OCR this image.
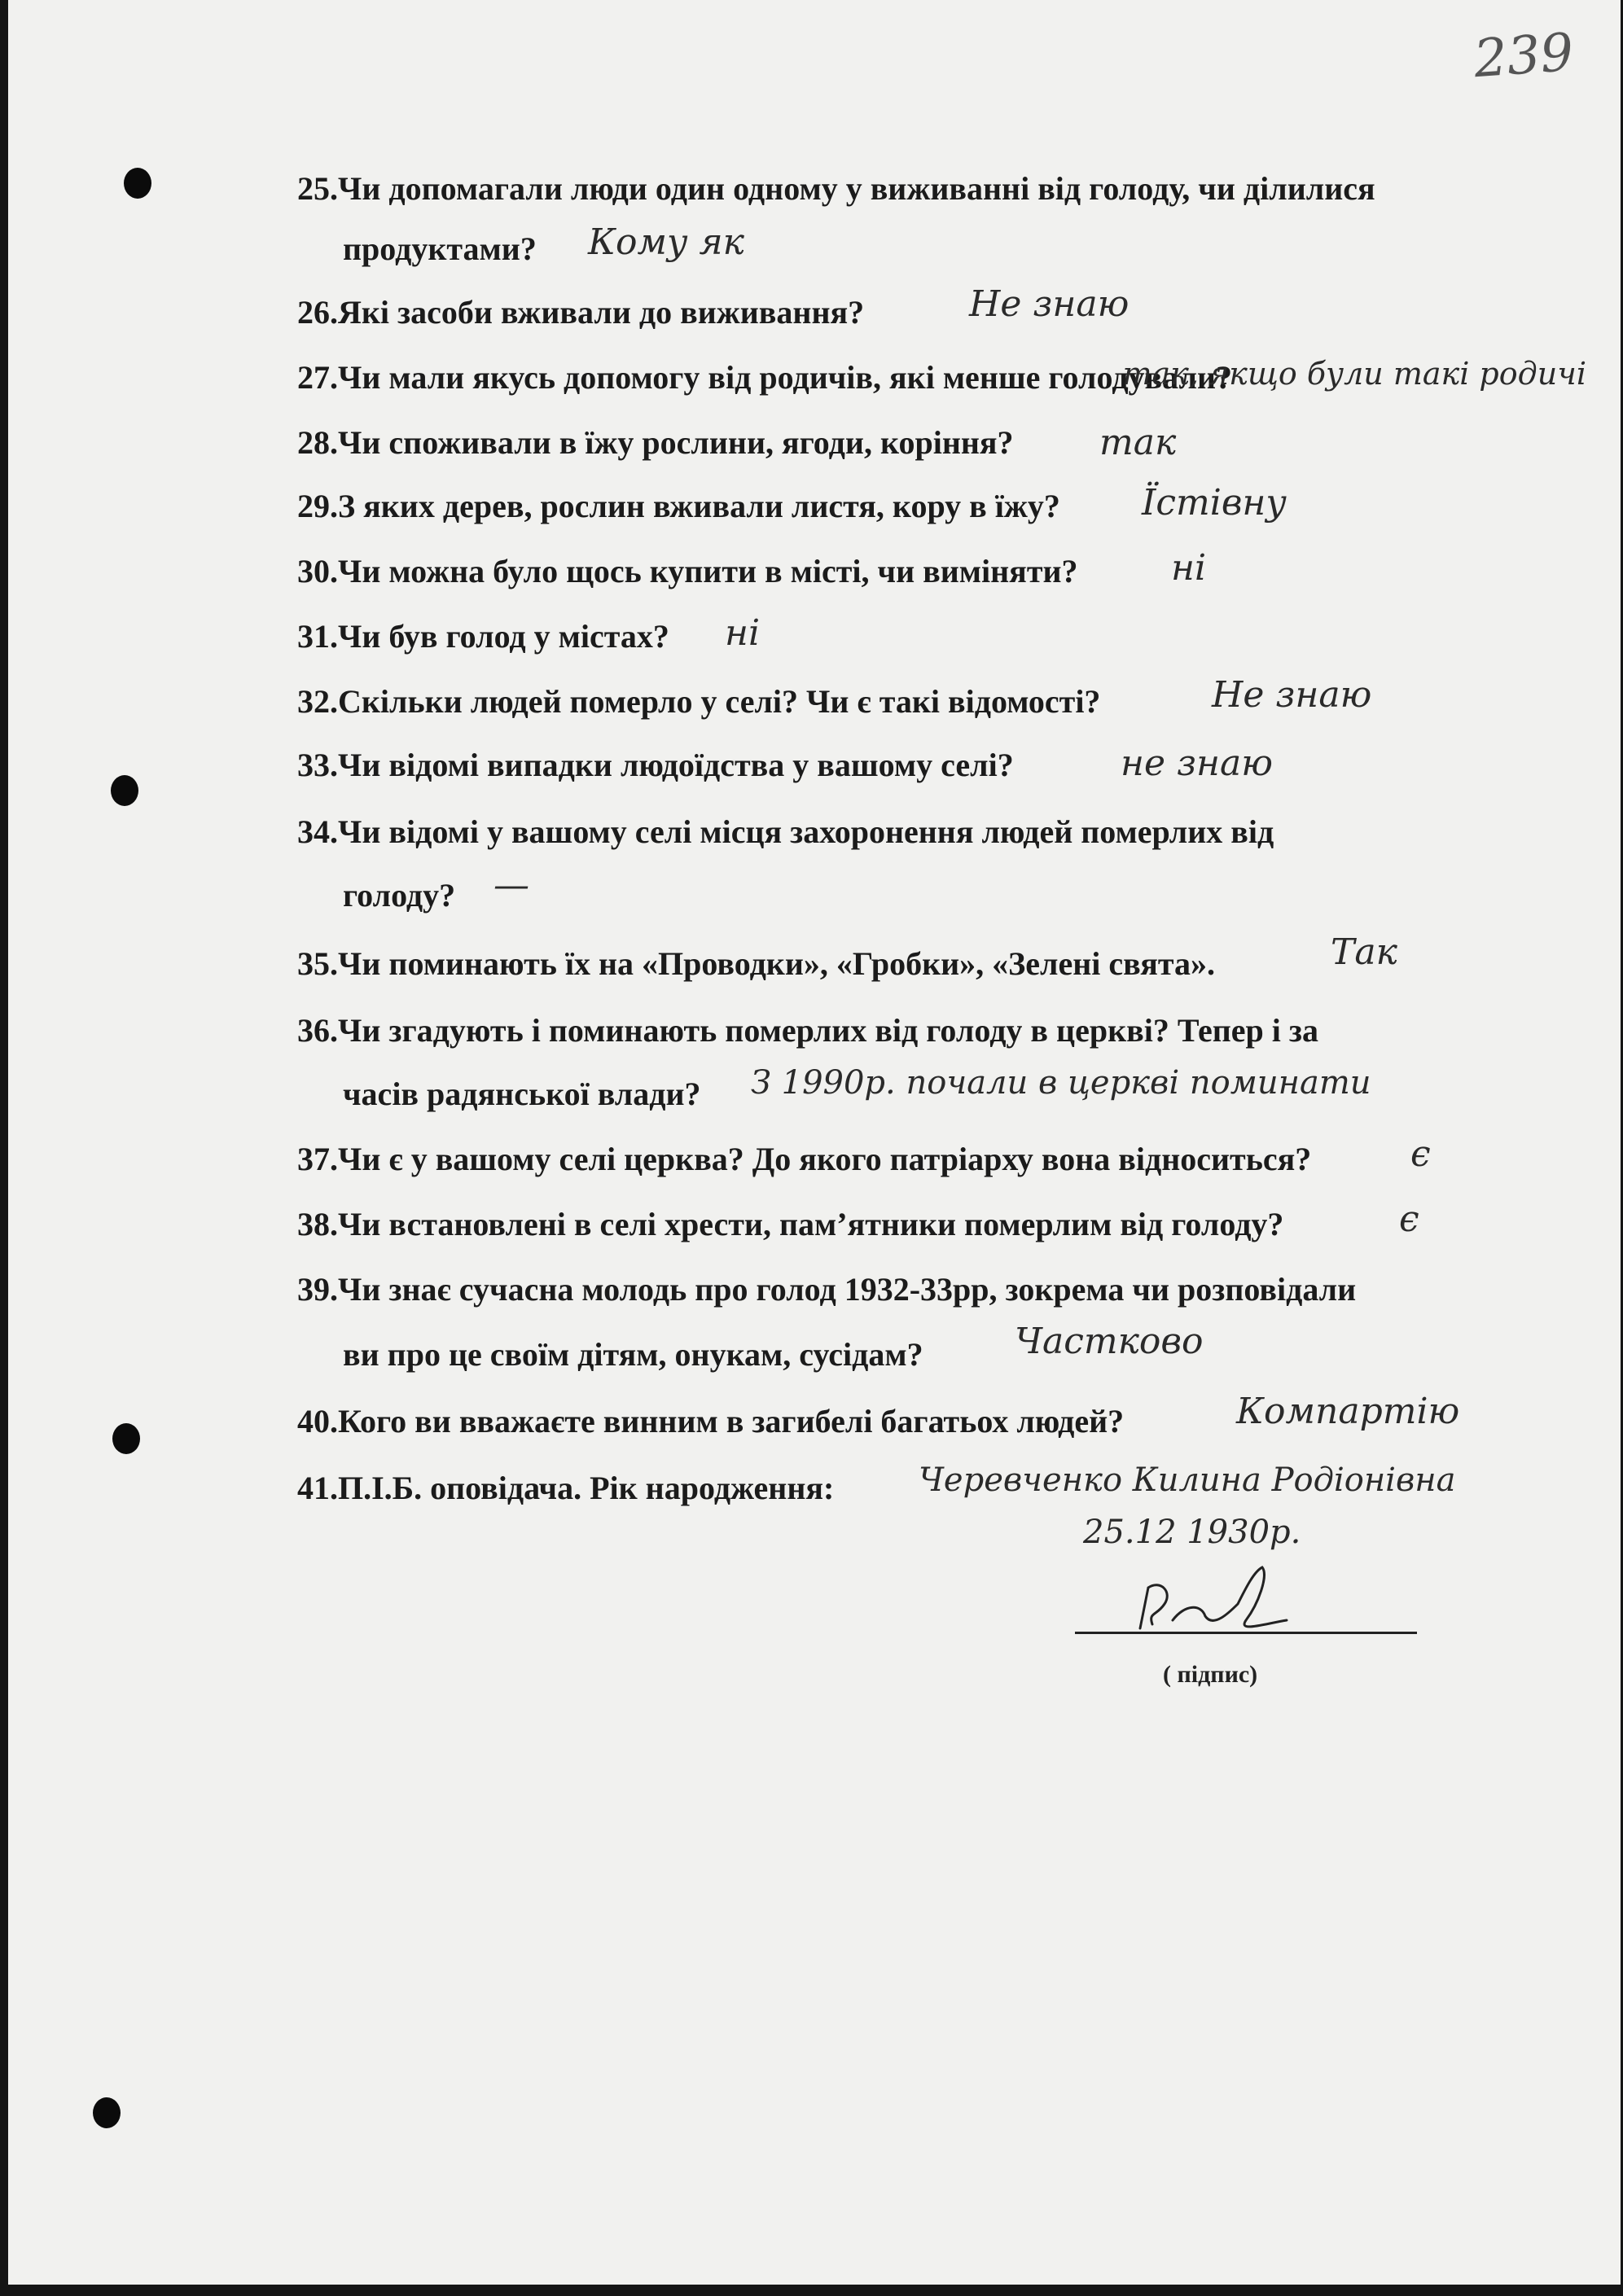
239
25.Чи допомагали люди один одному у виживанні від голоду, чи ділилися
продуктами? Кому як
26.Які засоби вживали до виживання?	Не знаю
27.Чи мали якусь допомогу від родичів, які менше голодували?
так, якщо були такі родичі
28.Чи споживали в їжу рослини, ягоди, коріння? так
29.З яких дерев, рослин вживали листя, кору в їжу? Їстівну
30.Чи можна було щось купити в місті, чи виміняти?	ні
31.Чи був голод у містах? ні
32.Скільки людей померло у селі? Чи є такі відомості?	Не знаю
33.Чи відомі випадки людоїдства у вашому селі?	не знаю
34.Чи відомі у вашому селі місця захоронення людей померлих від
голоду? —
35.Чи поминають їх на «Проводки», «Гробки», «Зелені свята».	Так
36.Чи згадують і поминають померлих від голоду в церкві? Тепер і за
часів радянської влади? З 1990р. почали в церкві поминати
37.Чи є у вашому селі церква? До якого патріарху вона відноситься?	є
38.Чи встановлені в селі хрести, пам’ятники померлим від голоду?	є
39.Чи знає сучасна молодь про голод 1932-33рр, зокрема чи розповідали
ви про це своїм дітям, онукам, сусідам?	Частково
40.Кого ви вважаєте винним в загибелі багатьох людей?	Компартію
41.П.І.Б. оповідача. Рік народження:	Черевченко Килина Родіонівна
25.12 1930р.
( підпис)
